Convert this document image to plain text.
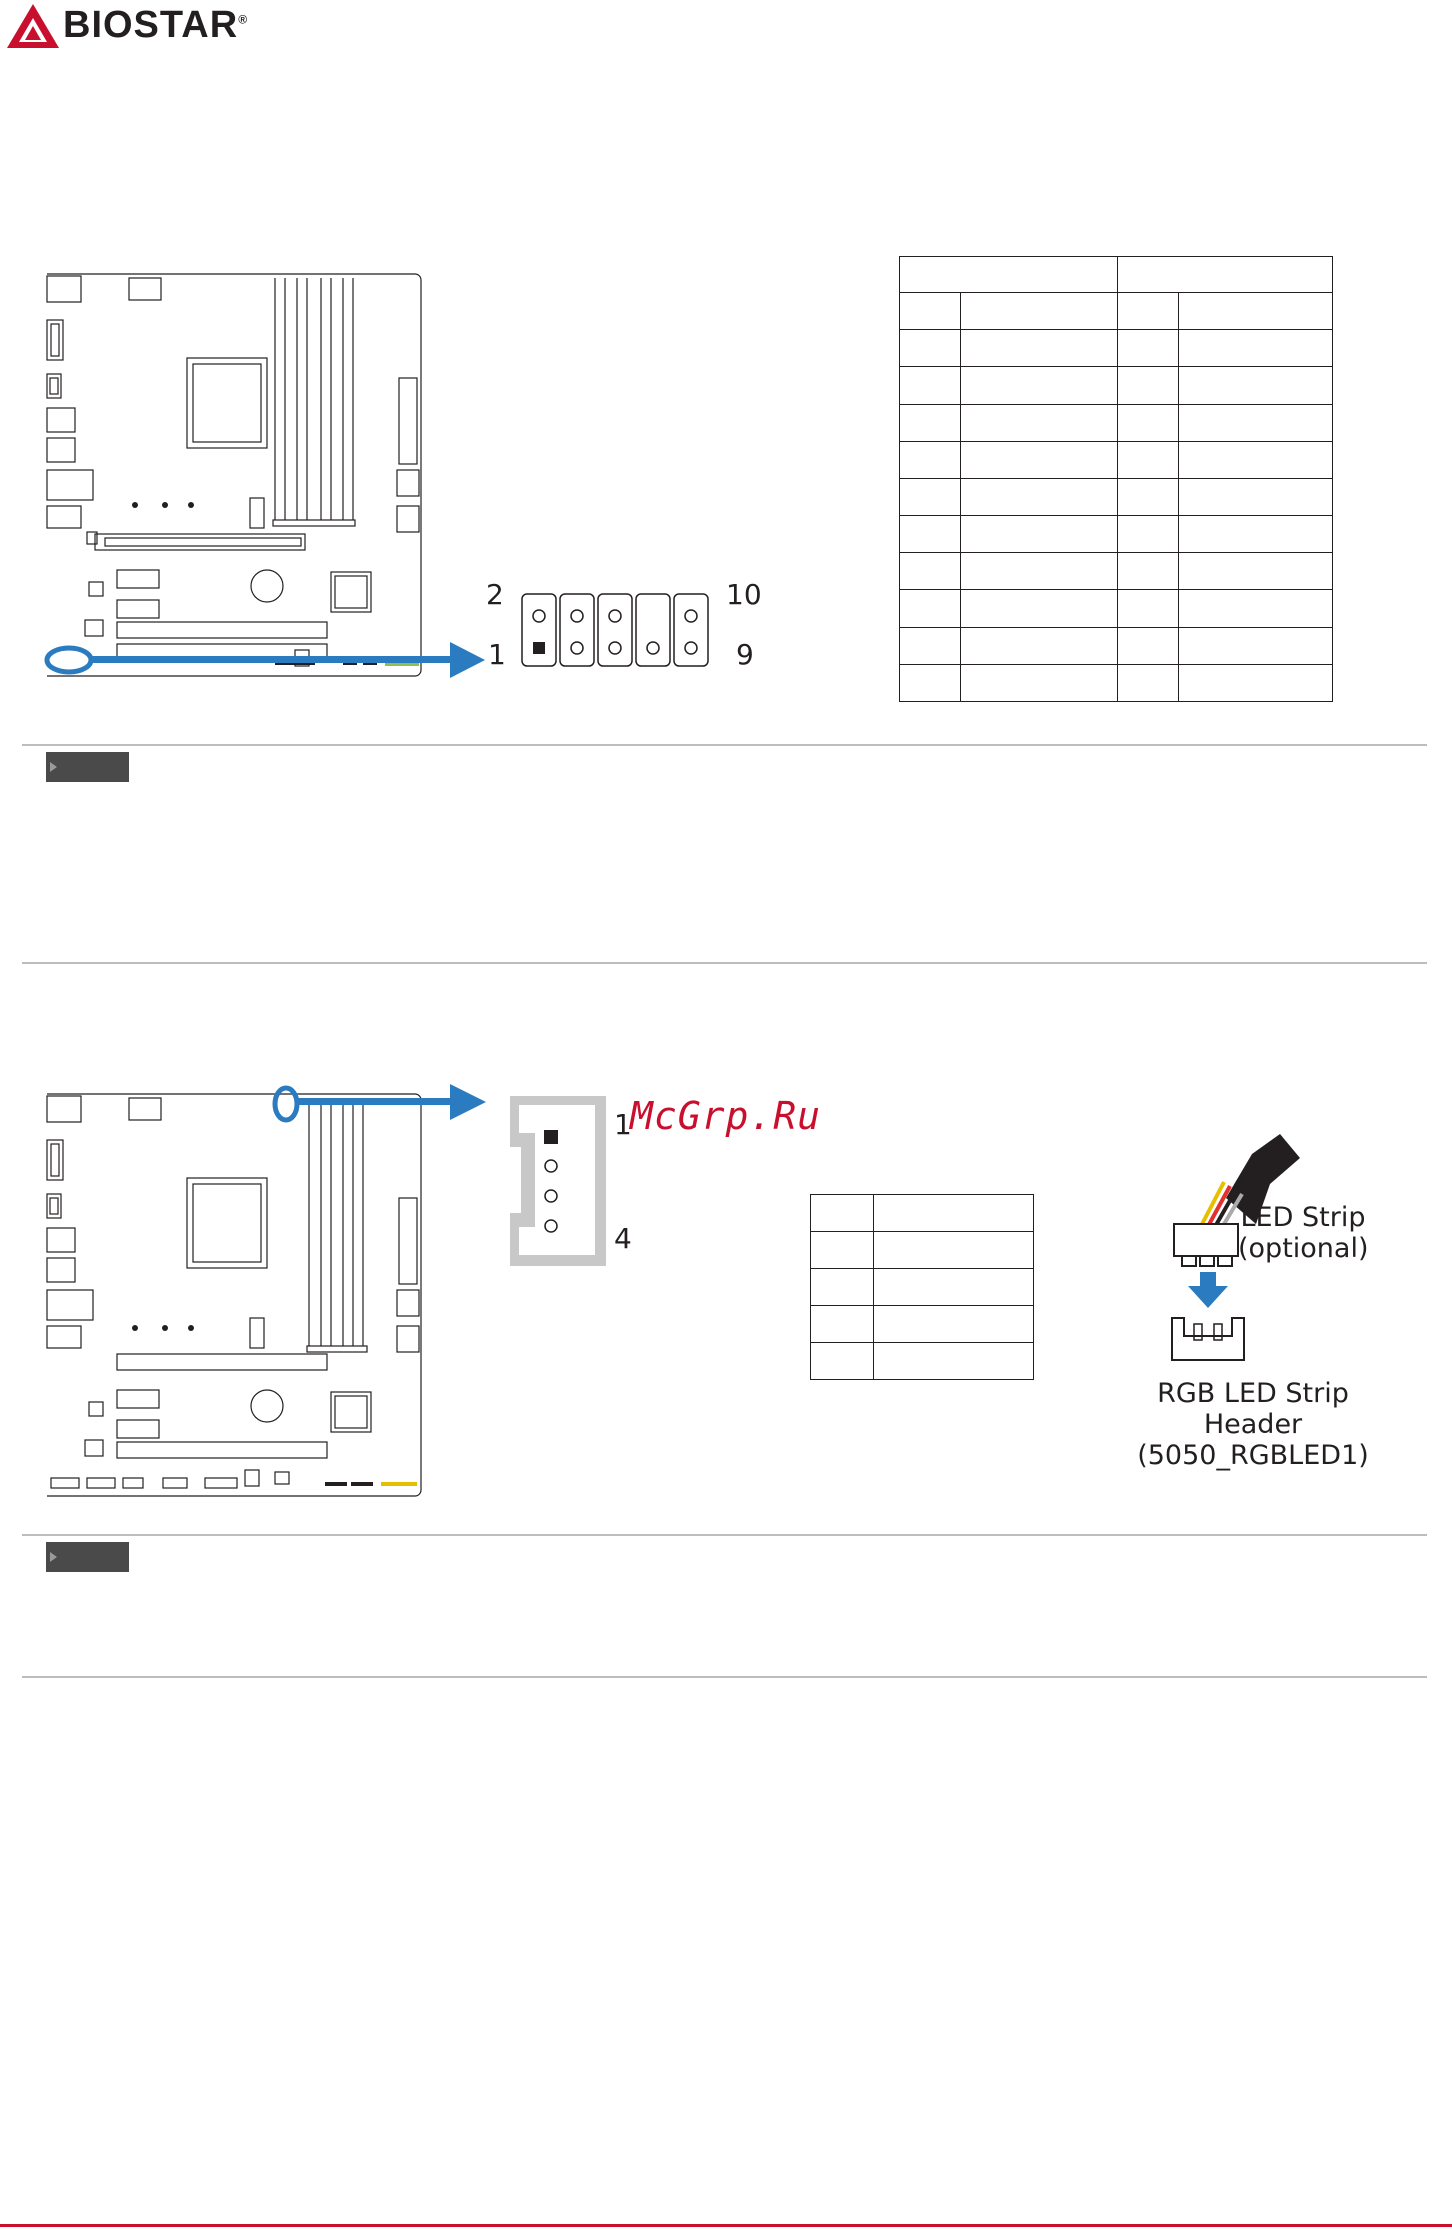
BIOSTAR®
2	10
1	9

1
4
McGrp.Ru

LED Strip
(optional)
RGB LED Strip Header
(5050_RGBLED1)
